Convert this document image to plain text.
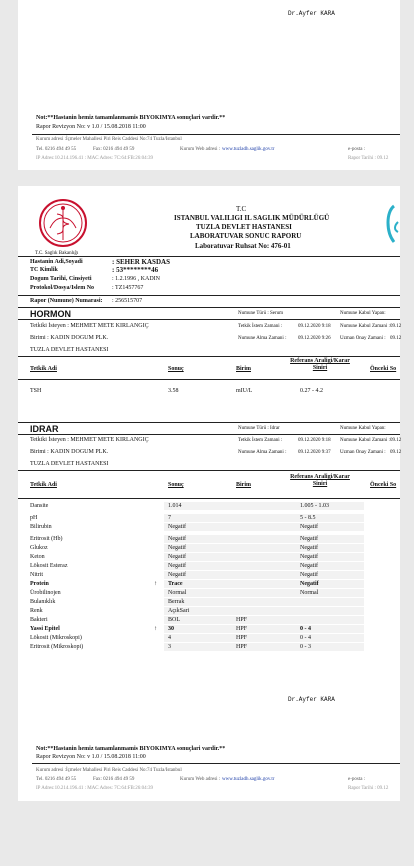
Dr.Ayfer KARA
Not:**Hastanin hemiz tamamlanmamis BIYOKIMYA sonuçlari vardir.**
Rapor Revizyon No: v 1.0 / 15.08.2018 11:00
Kurum adresi :İçmeler Mahallesi Piri Reis Caddesi No:74 Tuzla/Istanbul
Tel. 0216 494 49 55	Fax: 0216 494 49 59	Kurum Web adresi : www.tuzladh.saglik.gov.tr	e-posta :
IP Adres:10.214.196.41 : MAC Adres: 7C:64:FB:26:04:39	Rapor Tarihi : 09.12
T.C. Saglık Bakanlığı
T.C
ISTANBUL VALILIGI IL SAGLIK MÜDÜRLÜGÜ
TUZLA DEVLET HASTANESI
LABORATUVAR SONUC RAPORU
Laboratuvar Ruhsat No: 476-01
Hastanin Adi,Soyadi	: SEHER KASDAS
TC Kimlik	: 53********46
Dogum Tarihi, Cinsiyeti	: 1.2.1996 , KADIN
Protokol/Dosya/Islem No	: TZ1457767
Rapor (Numune) Numarasi: : 256515707
HORMON	Numune Türü : Serum	Numune Kabul Yapan:
Tetkiki İsteyen : MEHMET METE KIRLANGIÇ	Tetkik İstem Zamani :	09.12.2020 9:18 Numune Kabul Zamani : 09.12
Birimi : KADIN DOGUM PLK.	Numune Alma Zamani : 09.12.2020 9:26 Uzman Onay Zamani : 09.12
TUZLA DEVLET HASTANESI
Tetkik Adi	Sonuç	Birim
Referans Araligi/Karar Siniri	Önceki So
TSH	3.58	mIU/L	0.27 - 4.2
IDRAR	Numune Türü : Idrar	Numune Kabul Yapan:
Tetkiki İsteyen : MEHMET METE KIRLANGIÇ	Tetkik İstem Zamani :	09.12.2020 9:18 Numune Kabul Zamani : 09.12
Birimi : KADIN DOGUM PLK.	Numune Alma Zamani : 09.12.2020 9:37 Uzman Onay Zamani : 09.12
TUZLA DEVLET HASTANESI
Tetkik Adi	Sonuç	Birim
Referans Araligi/Karar Siniri	Önceki So
Dansite	1.014	1.005 - 1.03
pH	7	5 - 8.5
Bilirubin	Negatif	Negatif
Eritrosit (Hb)	Negatif	Negatif
Glukoz	Negatif	Negatif
Keton	Negatif	Negatif
Lökosit Esteraz	Negatif	Negatif
Nitrit	Negatif	Negatif
Protein	↑ Trace	Negatif
Ürobilinojen	Normal	Normal
Bulanıklık	Berrak
Renk	AçıkSari
Bakteri	BOL	HPF
Yassi Epitel	↑ 30	HPF	0 - 4
Lökosit (Mikroskopi)	4	HPF	0 - 4
Eritrosit (Mikroskopi)	3	HPF	0 - 3
Dr.Ayfer KARA
Not:**Hastanin hemiz tamamlanmamis BIYOKIMYA sonuçlari vardir.**
Rapor Revizyon No: v 1.0 / 15.08.2018 11:00
Kurum adresi :İçmeler Mahallesi Piri Reis Caddesi No:74 Tuzla/Istanbul
Tel. 0216 494 49 55	Fax: 0216 494 49 59	Kurum Web adresi : www.tuzladh.saglik.gov.tr	e-posta :
IP Adres:10.214.196.41 : MAC Adres: 7C:64:FB:26:04:39	Rapor Tarihi : 09.12
